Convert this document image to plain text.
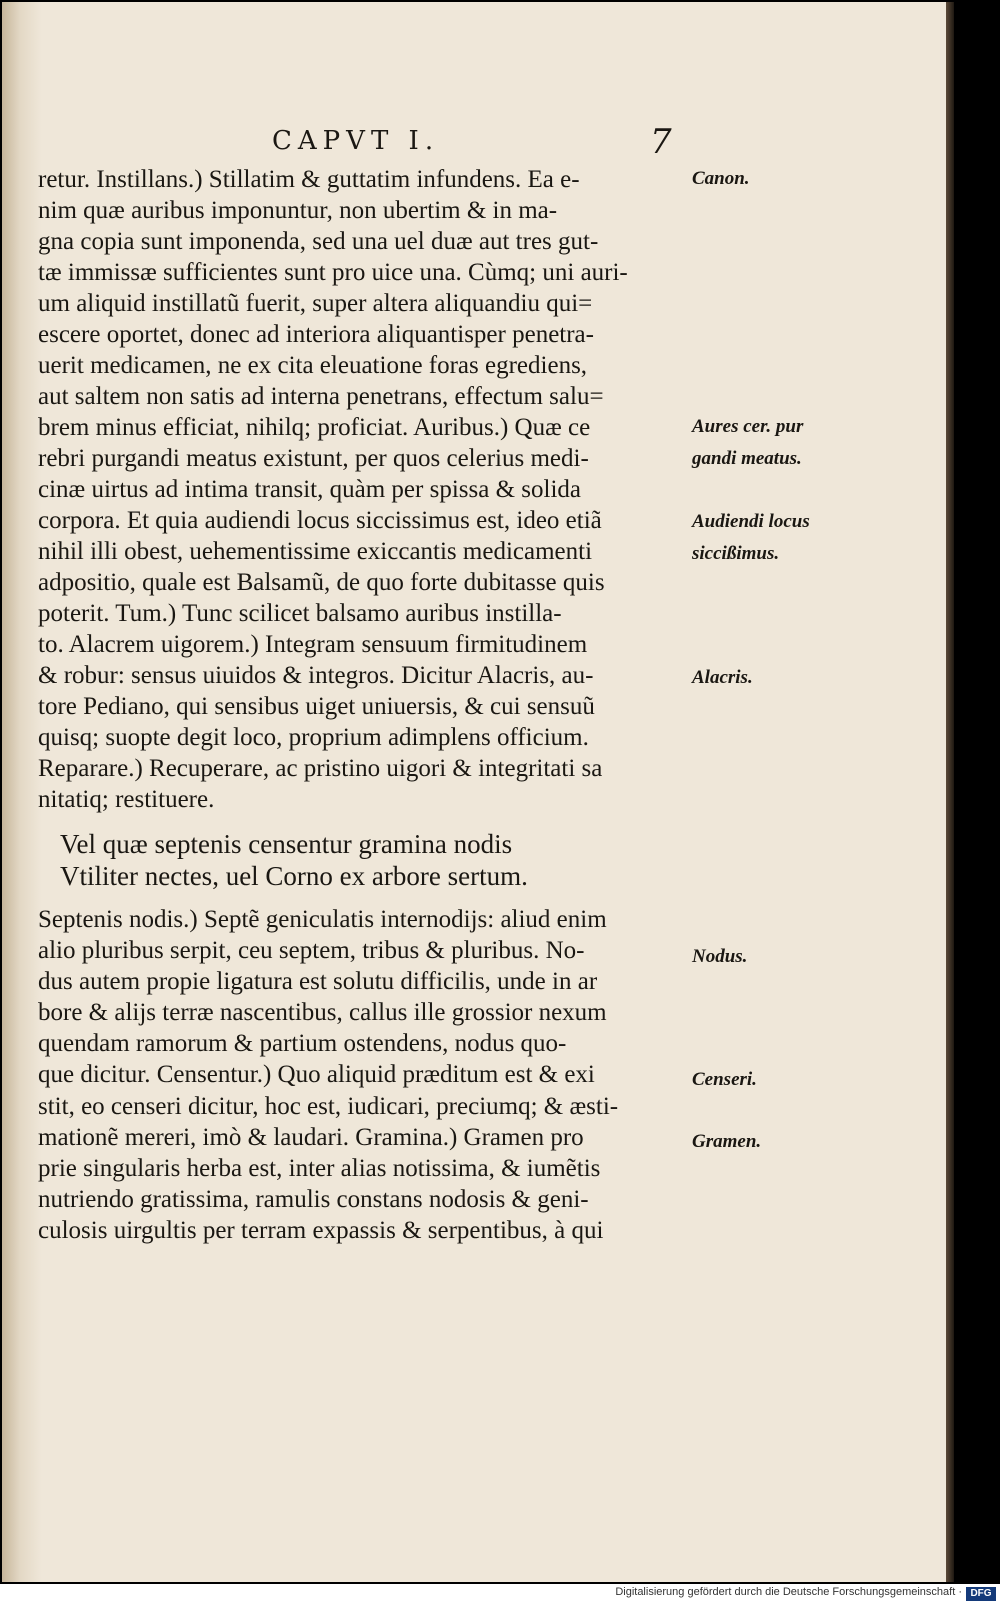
CAPVT I.	7
retur. Instillans.) Stillatim & guttatim infundens. Ea e-
nim quæ auribus imponuntur, non ubertim & in ma-
gna copia sunt imponenda, sed una uel duæ aut tres gut-
tæ immissæ sufficientes sunt pro uice una. Cùmq; uni auri-
um aliquid instillatũ fuerit, super altera aliquandiu qui=
escere oportet, donec ad interiora aliquantisper penetra-
uerit medicamen, ne ex cita eleuatione foras egrediens,
aut saltem non satis ad interna penetrans, effectum salu=
brem minus efficiat, nihilq; proficiat. Auribus.) Quæ ce
rebri purgandi meatus existunt, per quos celerius medi-
cinæ uirtus ad intima transit, quàm per spissa & solida
corpora. Et quia audiendi locus siccissimus est, ideo etiã
nihil illi obest, uehementissime exiccantis medicamenti
adpositio, quale est Balsamũ, de quo forte dubitasse quis
poterit. Tum.) Tunc scilicet balsamo auribus instilla-
to. Alacrem uigorem.) Integram sensuum firmitudinem
& robur: sensus uiuidos & integros. Dicitur Alacris, au-
tore Pediano, qui sensibus uiget uniuersis, & cui sensuũ
quisq; suopte degit loco, proprium adimplens officium.
Reparare.) Recuperare, ac pristino uigori & integritati sa
nitatiq; restituere.
Vel quæ septenis censentur gramina nodis
Vtiliter nectes, uel Corno ex arbore sertum.
Septenis nodis.) Septẽ geniculatis internodijs: aliud enim
alio pluribus serpit, ceu septem, tribus & pluribus. No-
dus autem propie ligatura est solutu difficilis, unde in ar
bore & alijs terræ nascentibus, callus ille grossior nexum
quendam ramorum & partium ostendens, nodus quo-
que dicitur. Censentur.) Quo aliquid præditum est & exi
stit, eo censeri dicitur, hoc est, iudicari, preciumq; & æsti-
mationẽ mereri, imò & laudari. Gramina.) Gramen pro
prie singularis herba est, inter alias notissima, & iumẽtis
nutriendo gratissima, ramulis constans nodosis & geni-
culosis uirgultis per terram expassis & serpentibus, à qui
Canon.
Aures cer. pur
gandi meatus.
Audiendi locus
siccißimus.
Alacris.
Nodus.
Censeri.
Gramen.
Digitalisierung gefördert durch die Deutsche Forschungsgemeinschaft · DFG
